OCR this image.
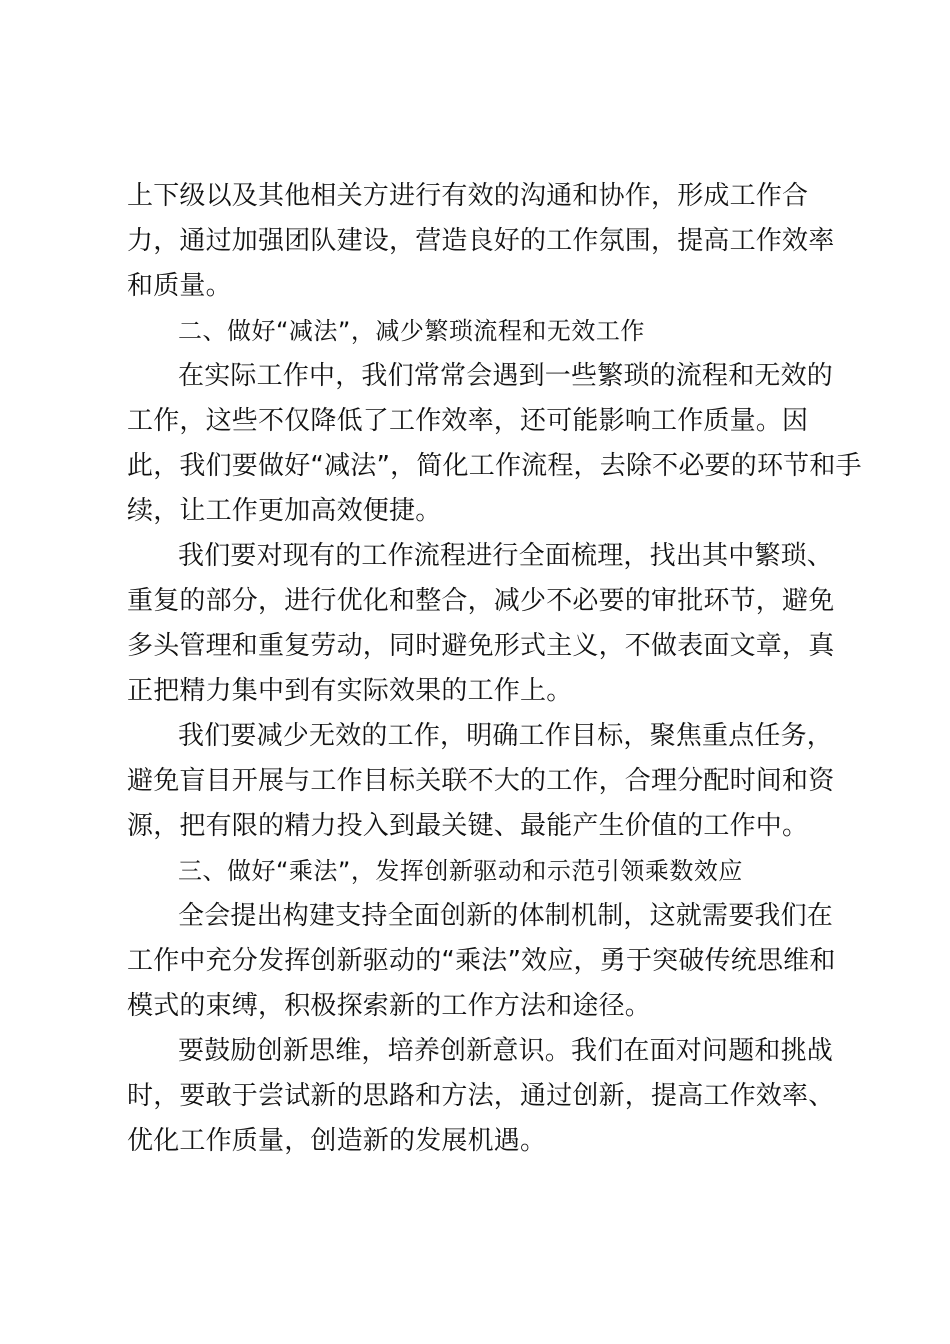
上下级以及其他相关方进行有效的沟通和协作，形成工作合
力，通过加强团队建设，营造良好的工作氛围，提高工作效率
和质量。
二、做好“减法”，减少繁琐流程和无效工作
在实际工作中，我们常常会遇到一些繁琐的流程和无效的
工作，这些不仅降低了工作效率，还可能影响工作质量。因
此，我们要做好“减法”，简化工作流程，去除不必要的环节和手
续，让工作更加高效便捷。
我们要对现有的工作流程进行全面梳理，找出其中繁琐、
重复的部分，进行优化和整合，减少不必要的审批环节，避免
多头管理和重复劳动，同时避免形式主义，不做表面文章，真
正把精力集中到有实际效果的工作上。
我们要减少无效的工作，明确工作目标，聚焦重点任务，
避免盲目开展与工作目标关联不大的工作，合理分配时间和资
源，把有限的精力投入到最关键、最能产生价值的工作中。
三、做好“乘法”，发挥创新驱动和示范引领乘数效应
全会提出构建支持全面创新的体制机制，这就需要我们在
工作中充分发挥创新驱动的“乘法”效应，勇于突破传统思维和
模式的束缚，积极探索新的工作方法和途径。
要鼓励创新思维，培养创新意识。我们在面对问题和挑战
时，要敢于尝试新的思路和方法，通过创新，提高工作效率、
优化工作质量，创造新的发展机遇。
